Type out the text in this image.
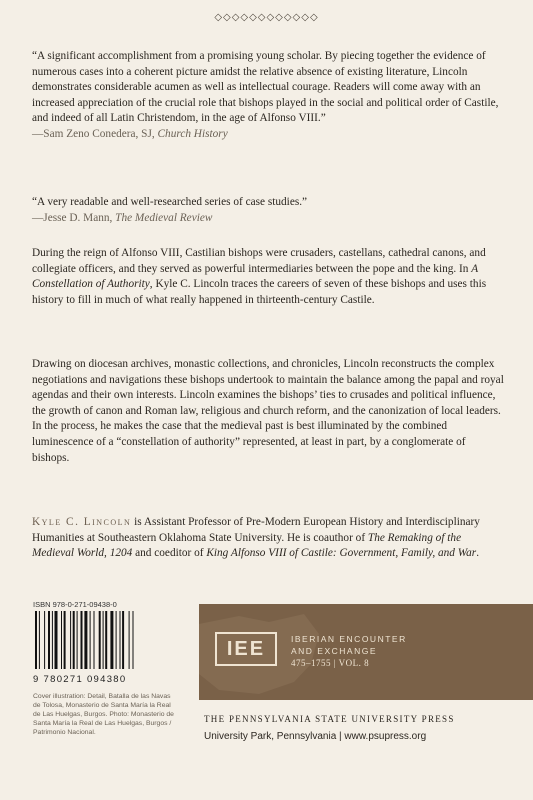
◇◇◇◇◇◇◇◇◇◇◇◇
“A significant accomplishment from a promising young scholar. By piecing together the evidence of numerous cases into a coherent picture amidst the relative absence of existing literature, Lincoln demonstrates considerable acumen as well as intellectual courage. Readers will come away with an increased appreciation of the crucial role that bishops played in the social and political order of Castile, and indeed of all Latin Christendom, in the age of Alfonso VIII.”
—Sam Zeno Conedera, SJ, Church History
“A very readable and well-researched series of case studies.”
—Jesse D. Mann, The Medieval Review
During the reign of Alfonso VIII, Castilian bishops were crusaders, castellans, cathedral canons, and collegiate officers, and they served as powerful intermediaries between the pope and the king. In A Constellation of Authority, Kyle C. Lincoln traces the careers of seven of these bishops and uses this history to fill in much of what really happened in thirteenth-century Castile.
Drawing on diocesan archives, monastic collections, and chronicles, Lincoln reconstructs the complex negotiations and navigations these bishops undertook to maintain the balance among the papal and royal agendas and their own interests. Lincoln examines the bishops’ ties to crusades and political influence, the growth of canon and Roman law, religious and church reform, and the canonization of local leaders. In the process, he makes the case that the medieval past is best illuminated by the combined luminescence of a “constellation of authority” represented, at least in part, by a conglomerate of bishops.
Kyle C. Lincoln is Assistant Professor of Pre-Modern European History and Interdisciplinary Humanities at Southeastern Oklahoma State University. He is coauthor of The Remaking of the Medieval World, 1204 and coeditor of King Alfonso VIII of Castile: Government, Family, and War.
ISBN 978-0-271-09438-0
9 780271 094380
Cover illustration: Detail, Batalla de las Navas de Tolosa, Monasterio de Santa María la Real de Las Huelgas, Burgos. Photo: Monasterio de Santa María la Real de Las Huelgas, Burgos / Patrimonio Nacional.
IEE	IBERIAN ENCOUNTER
AND EXCHANGE
475–1755 | VOL. 8
THE PENNSYLVANIA STATE UNIVERSITY PRESS
University Park, Pennsylvania | www.psupress.org
